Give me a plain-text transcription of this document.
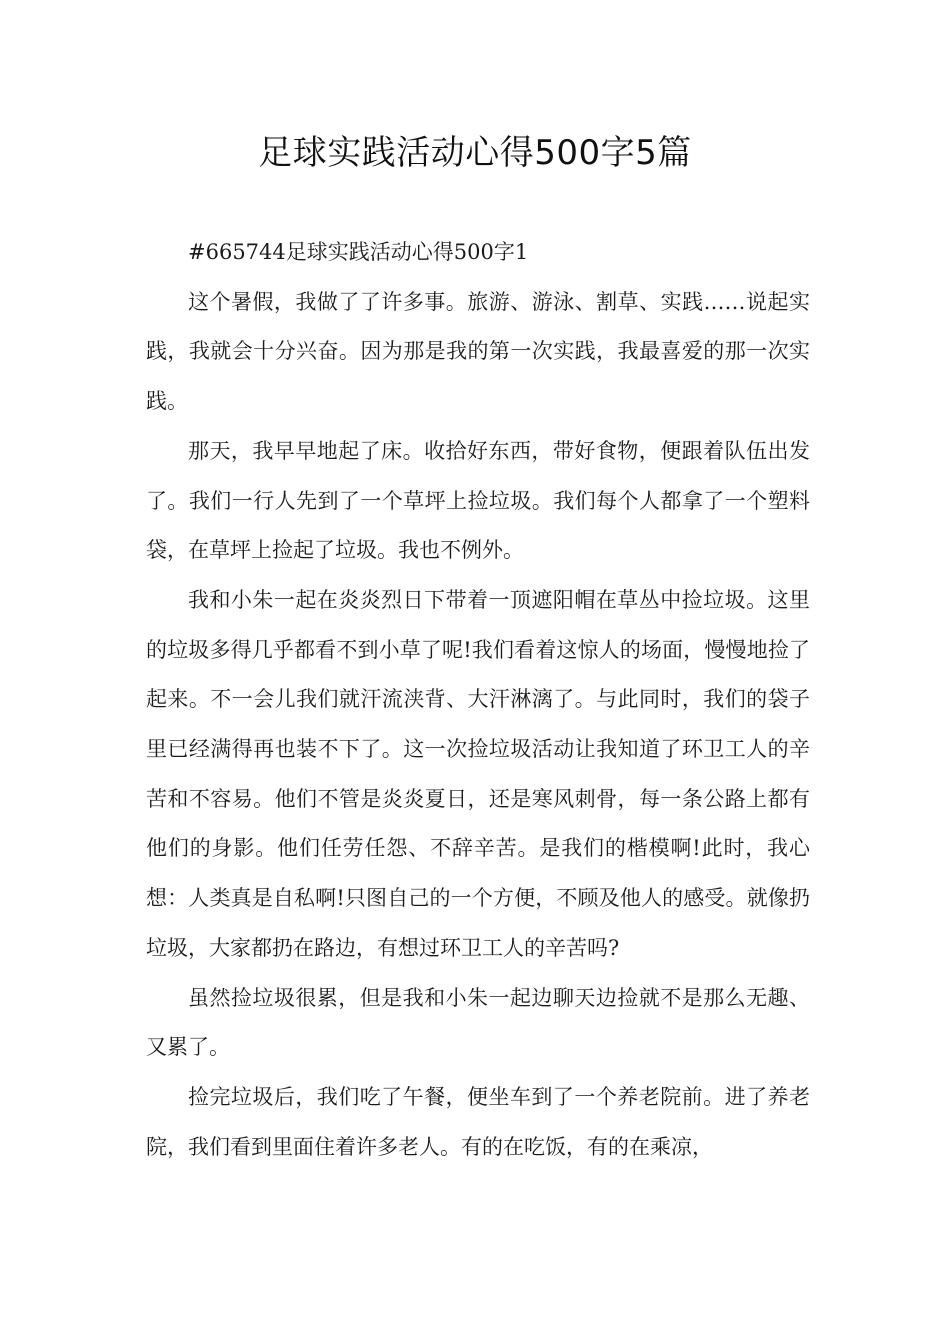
足球实践活动心得500字5篇

#665744足球实践活动心得500字1

这个暑假，我做了了许多事。旅游、游泳、割草、实践……说起实践，我就会十分兴奋。因为那是我的第一次实践，我最喜爱的那一次实践。

那天，我早早地起了床。收拾好东西，带好食物，便跟着队伍出发了。我们一行人先到了一个草坪上捡垃圾。我们每个人都拿了一个塑料袋，在草坪上捡起了垃圾。我也不例外。

我和小朱一起在炎炎烈日下带着一顶遮阳帽在草丛中捡垃圾。这里的垃圾多得几乎都看不到小草了呢!我们看着这惊人的场面，慢慢地捡了起来。不一会儿我们就汗流浃背、大汗淋漓了。与此同时，我们的袋子里已经满得再也装不下了。这一次捡垃圾活动让我知道了环卫工人的辛苦和不容易。他们不管是炎炎夏日，还是寒风刺骨，每一条公路上都有他们的身影。他们任劳任怨、不辞辛苦。是我们的楷模啊!此时，我心想：人类真是自私啊!只图自己的一个方便，不顾及他人的感受。就像扔垃圾，大家都扔在路边，有想过环卫工人的辛苦吗?

虽然捡垃圾很累，但是我和小朱一起边聊天边捡就不是那么无趣、又累了。

捡完垃圾后，我们吃了午餐，便坐车到了一个养老院前。进了养老院，我们看到里面住着许多老人。有的在吃饭，有的在乘凉，
